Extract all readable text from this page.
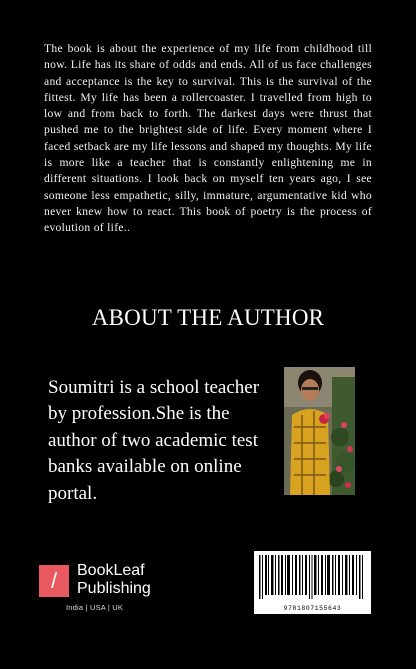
The book is about the experience of my life from childhood till now. Life has its share of odds and ends. All of us face challenges and acceptance is the key to survival. This is the survival of the fittest. My life has been a rollercoaster. I travelled from high to low and from back to forth. The darkest days were thrust that pushed me to the brightest side of life. Every moment where I faced setback are my life lessons and shaped my thoughts. My life is more like a teacher that is constantly enlightening me in different situations. I look back on myself ten years ago, I see someone less empathetic, silly, immature, argumentative kid who never knew how to react. This book of poetry is the process of evolution of life..

ABOUT THE AUTHOR

Soumitri is a school teacher by profession.She is the author of two academic test banks available on online portal.

/	BookLeaf
Publishing
India | USA | UK	9781807155643
